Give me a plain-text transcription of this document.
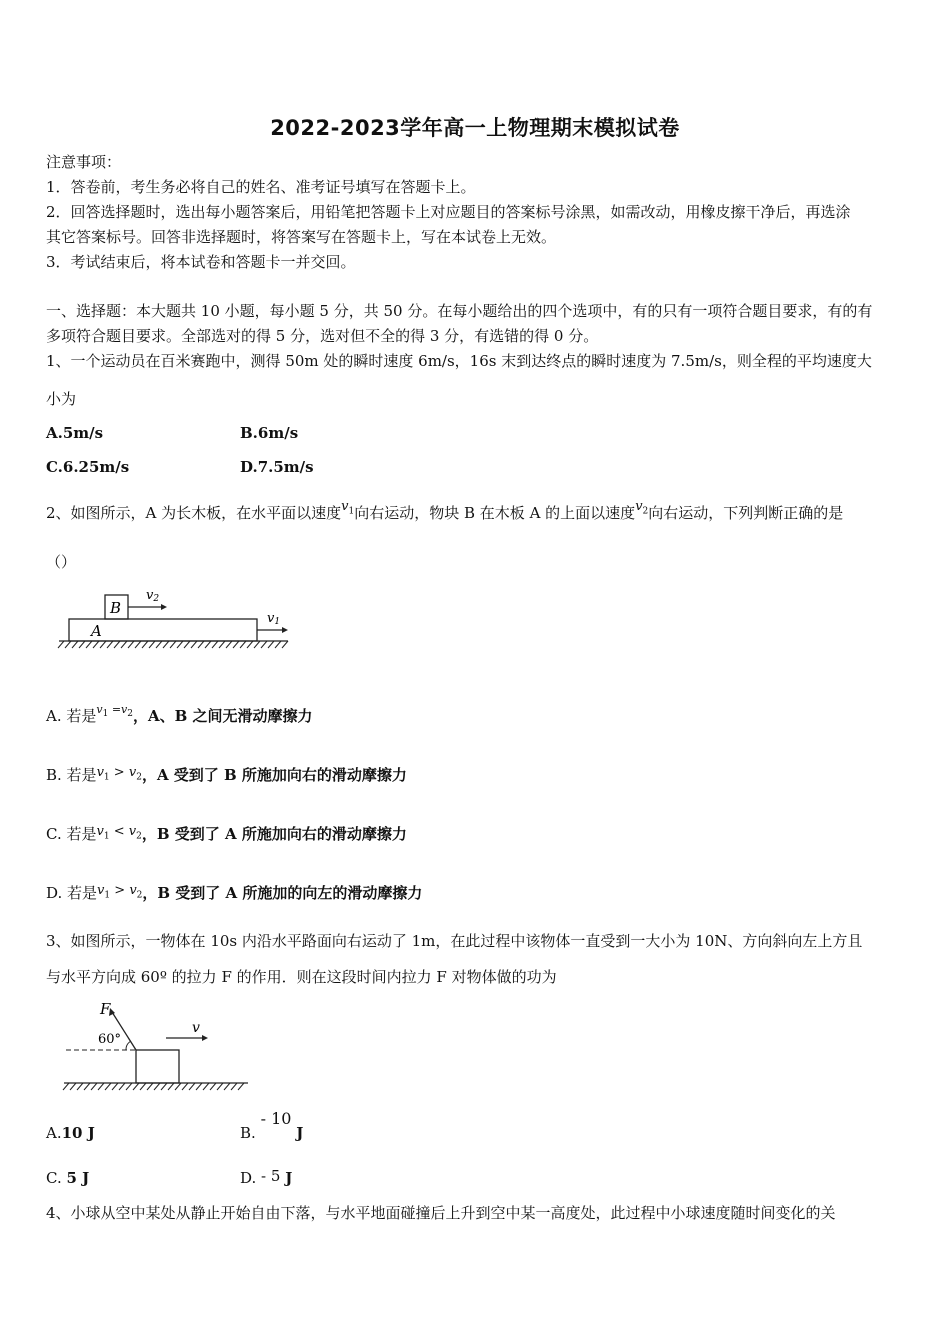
2022-2023学年高一上物理期末模拟试卷
注意事项：
1．答卷前，考生务必将自己的姓名、准考证号填写在答题卡上。
2．回答选择题时，选出每小题答案后，用铅笔把答题卡上对应题目的答案标号涂黑，如需改动，用橡皮擦干净后，再选涂
其它答案标号。回答非选择题时，将答案写在答题卡上，写在本试卷上无效。
3．考试结束后，将本试卷和答题卡一并交回。
一、选择题：本大题共 10 小题，每小题 5 分，共 50 分。在每小题给出的四个选项中，有的只有一项符合题目要求，有的有
多项符合题目要求。全部选对的得 5 分，选对但不全的得 3 分，有选错的得 0 分。
1、一个运动员在百米赛跑中，测得 50m 处的瞬时速度 6m/s，16s 末到达终点的瞬时速度为 7.5m/s，则全程的平均速度大
小为
A.5m/s	B.6m/s
C.6.25m/s	D.7.5m/s
2、如图所示，A 为长木板，在水平面以速度$v_1$向右运动，物块 B 在木板 A 的上面以速度$v_2$向右运动，下列判断正确的是
（）
B
A
v2
v1
A. 若是$^{v_1 =v_2}$，A、B 之间无滑动摩擦力
B. 若是$v_1 > v_2$，A 受到了 B 所施加向右的滑动摩擦力
C. 若是$v_1 < v_2$，B 受到了 A 所施加向右的滑动摩擦力
D. 若是$v_1 > v_2$，B 受到了 A 所施加的向左的滑动摩擦力
3、如图所示，一物体在 10s 内沿水平路面向右运动了 1m，在此过程中该物体一直受到一大小为 10N、方向斜向左上方且
与水平方向成 60º 的拉力 F 的作用．则在这段时间内拉力 F 对物体做的功为
F
60°
v
A.10 J	B. - 10 J
C. 5 J	D. - 5 J
4、小球从空中某处从静止开始自由下落，与水平地面碰撞后上升到空中某一高度处，此过程中小球速度随时间变化的关
